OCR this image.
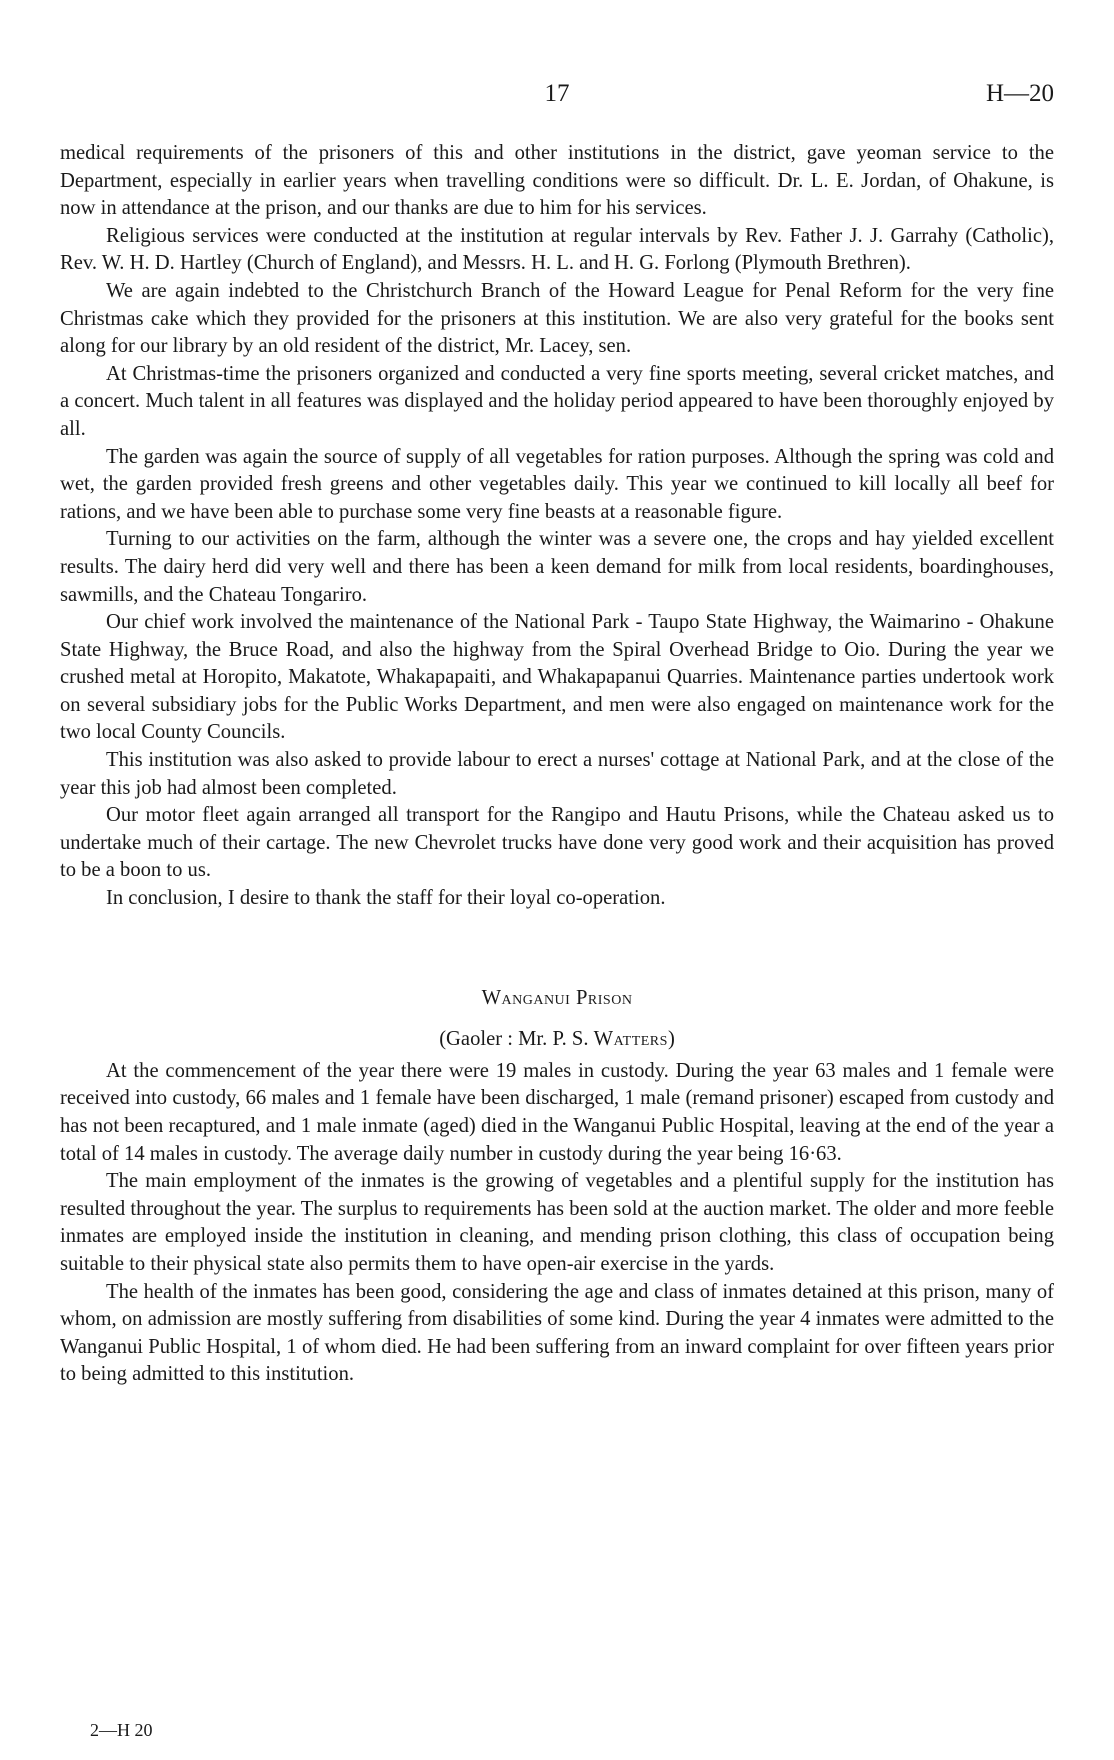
17	H—20

medical requirements of the prisoners of this and other institutions in the district, gave yeoman service to the Department, especially in earlier years when travelling conditions were so difficult. Dr. L. E. Jordan, of Ohakune, is now in attendance at the prison, and our thanks are due to him for his services.

Religious services were conducted at the institution at regular intervals by Rev. Father J. J. Garrahy (Catholic), Rev. W. H. D. Hartley (Church of England), and Messrs. H. L. and H. G. Forlong (Plymouth Brethren).

We are again indebted to the Christchurch Branch of the Howard League for Penal Reform for the very fine Christmas cake which they provided for the prisoners at this institution. We are also very grateful for the books sent along for our library by an old resident of the district, Mr. Lacey, sen.

At Christmas-time the prisoners organized and conducted a very fine sports meeting, several cricket matches, and a concert. Much talent in all features was displayed and the holiday period appeared to have been thoroughly enjoyed by all.

The garden was again the source of supply of all vegetables for ration purposes. Although the spring was cold and wet, the garden provided fresh greens and other vegetables daily. This year we continued to kill locally all beef for rations, and we have been able to purchase some very fine beasts at a reasonable figure.

Turning to our activities on the farm, although the winter was a severe one, the crops and hay yielded excellent results. The dairy herd did very well and there has been a keen demand for milk from local residents, boardinghouses, sawmills, and the Chateau Tongariro.

Our chief work involved the maintenance of the National Park - Taupo State Highway, the Waimarino - Ohakune State Highway, the Bruce Road, and also the highway from the Spiral Overhead Bridge to Oio. During the year we crushed metal at Horopito, Makatote, Whakapapaiti, and Whakapapanui Quarries. Maintenance parties undertook work on several subsidiary jobs for the Public Works Department, and men were also engaged on maintenance work for the two local County Councils.

This institution was also asked to provide labour to erect a nurses' cottage at National Park, and at the close of the year this job had almost been completed.

Our motor fleet again arranged all transport for the Rangipo and Hautu Prisons, while the Chateau asked us to undertake much of their cartage. The new Chevrolet trucks have done very good work and their acquisition has proved to be a boon to us.

In conclusion, I desire to thank the staff for their loyal co-operation.

Wanganui Prison
(Gaoler : Mr. P. S. Watters)

At the commencement of the year there were 19 males in custody. During the year 63 males and 1 female were received into custody, 66 males and 1 female have been discharged, 1 male (remand prisoner) escaped from custody and has not been recaptured, and 1 male inmate (aged) died in the Wanganui Public Hospital, leaving at the end of the year a total of 14 males in custody. The average daily number in custody during the year being 16·63.

The main employment of the inmates is the growing of vegetables and a plentiful supply for the institution has resulted throughout the year. The surplus to requirements has been sold at the auction market. The older and more feeble inmates are employed inside the institution in cleaning, and mending prison clothing, this class of occupation being suitable to their physical state also permits them to have open-air exercise in the yards.

The health of the inmates has been good, considering the age and class of inmates detained at this prison, many of whom, on admission are mostly suffering from disabilities of some kind. During the year 4 inmates were admitted to the Wanganui Public Hospital, 1 of whom died. He had been suffering from an inward complaint for over fifteen years prior to being admitted to this institution.

2—H 20
